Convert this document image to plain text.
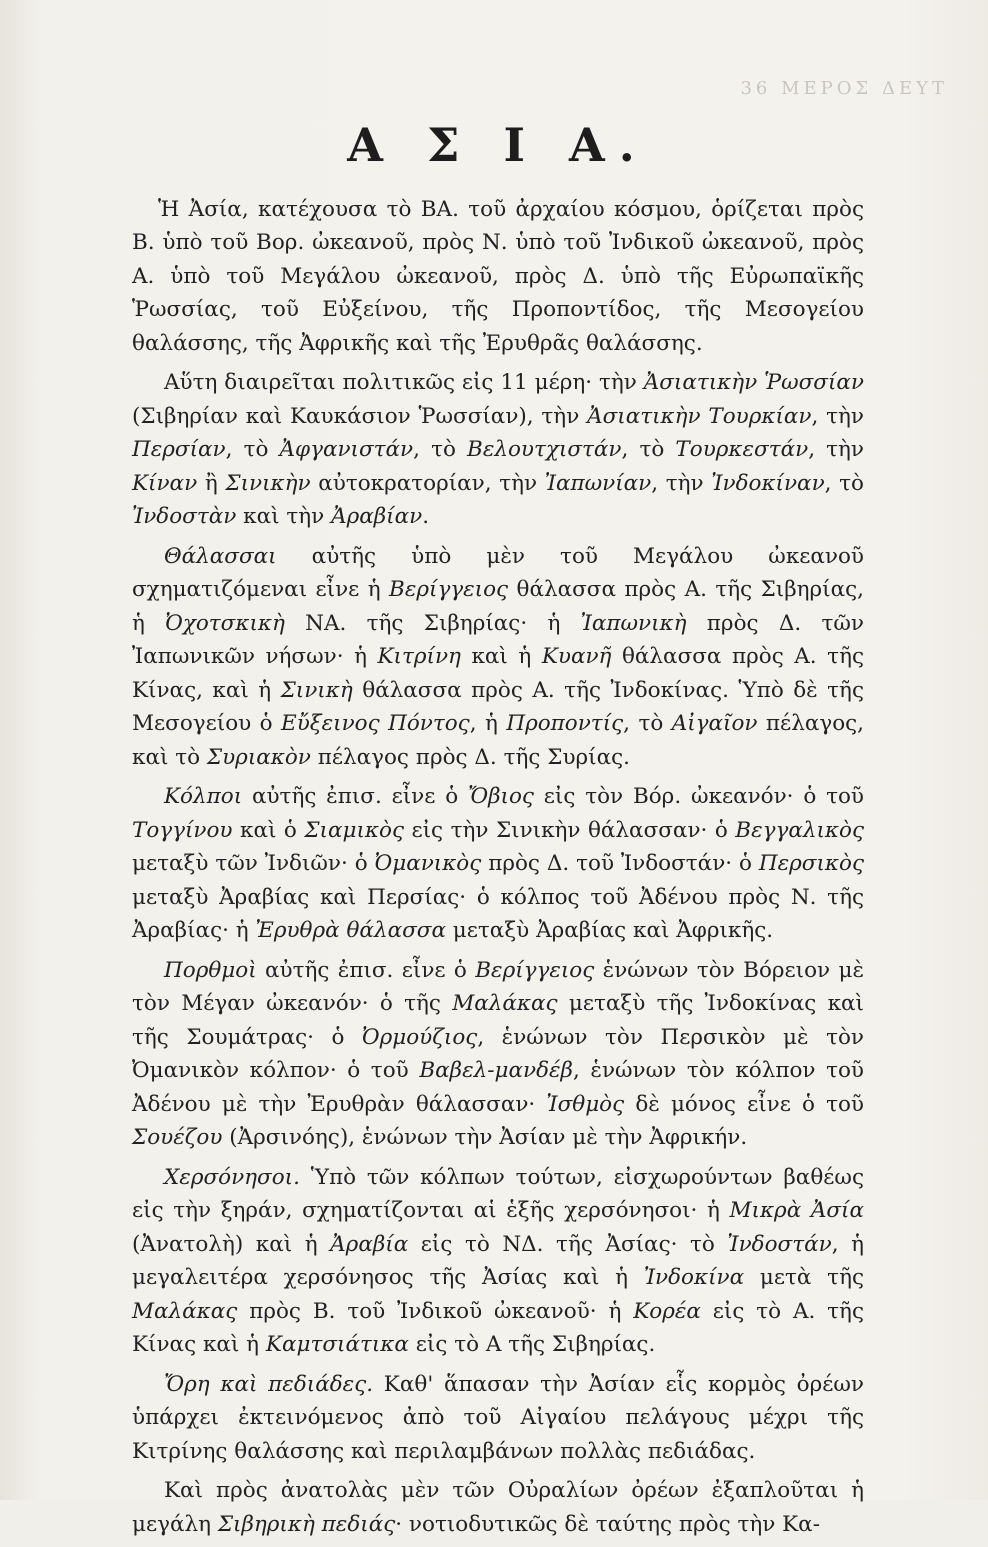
36 ΜΕΡΟΣ ΔΕΥΤ
Α Σ Ι Α.

Ἡ Ἀσία, κατέχουσα τὸ ΒΑ. τοῦ ἀρχαίου κόσμου, ὁρίζεται πρὸς Β. ὑπὸ τοῦ Βορ. ὠκεανοῦ, πρὸς Ν. ὑπὸ τοῦ Ἰνδικοῦ ὠκεανοῦ, πρὸς Α. ὑπὸ τοῦ Μεγάλου ὠκεανοῦ, πρὸς Δ. ὑπὸ τῆς Εὐρωπαϊκῆς Ῥωσσίας, τοῦ Εὐξείνου, τῆς Προποντίδος, τῆς Μεσογείου θαλάσσης, τῆς Ἀφρικῆς καὶ τῆς Ἐρυθρᾶς θαλάσσης.

Αὕτη διαιρεῖται πολιτικῶς εἰς 11 μέρη· τὴν Ἀσιατικὴν Ῥωσσίαν (Σιβηρίαν καὶ Καυκάσιον Ῥωσσίαν), τὴν Ἀσιατικὴν Τουρκίαν, τὴν Περσίαν, τὸ Ἀφγανιστάν, τὸ Βελουτχιστάν, τὸ Τουρκεστάν, τὴν Κίναν ἢ Σινικὴν αὐτοκρατορίαν, τὴν Ἰαπωνίαν, τὴν Ἰνδοκίναν, τὸ Ἰνδοστὰν καὶ τὴν Ἀραβίαν.

Θάλασσαι αὐτῆς ὑπὸ μὲν τοῦ Μεγάλου ὠκεανοῦ σχηματιζόμεναι εἶνε ἡ Βερίγγειος θάλασσα πρὸς Α. τῆς Σιβηρίας, ἡ Ὀχοτσκικὴ ΝΑ. τῆς Σιβηρίας· ἡ Ἰαπωνικὴ πρὸς Δ. τῶν Ἰαπωνικῶν νήσων· ἡ Κιτρίνη καὶ ἡ Κυανῆ θάλασσα πρὸς Α. τῆς Κίνας, καὶ ἡ Σινικὴ θάλασσα πρὸς Α. τῆς Ἰνδοκίνας. Ὑπὸ δὲ τῆς Μεσογείου ὁ Εὔξεινος Πόντος, ἡ Προποντίς, τὸ Αἰγαῖον πέλαγος, καὶ τὸ Συριακὸν πέλαγος πρὸς Δ. τῆς Συρίας.

Κόλποι αὐτῆς ἐπισ. εἶνε ὁ Ὄβιος εἰς τὸν Βόρ. ὠκεανόν· ὁ τοῦ Τογγίνου καὶ ὁ Σιαμικὸς εἰς τὴν Σινικὴν θάλασσαν· ὁ Βεγγαλικὸς μεταξὺ τῶν Ἰνδιῶν· ὁ Ὀμανικὸς πρὸς Δ. τοῦ Ἰνδοστάν· ὁ Περσικὸς μεταξὺ Ἀραβίας καὶ Περσίας· ὁ κόλπος τοῦ Ἀδένου πρὸς Ν. τῆς Ἀραβίας· ἡ Ἐρυθρὰ θάλασσα μεταξὺ Ἀραβίας καὶ Ἀφρικῆς.

Πορθμοὶ αὐτῆς ἐπισ. εἶνε ὁ Βερίγγειος ἑνώνων τὸν Βόρειον μὲ τὸν Μέγαν ὠκεανόν· ὁ τῆς Μαλάκας μεταξὺ τῆς Ἰνδοκίνας καὶ τῆς Σουμάτρας· ὁ Ὀρμούζιος, ἑνώνων τὸν Περσικὸν μὲ τὸν Ὀμανικὸν κόλπον· ὁ τοῦ Βαβελ-μανδέβ, ἑνώνων τὸν κόλπον τοῦ Ἀδένου μὲ τὴν Ἐρυθρὰν θάλασσαν· Ἰσθμὸς δὲ μόνος εἶνε ὁ τοῦ Σουέζου (Ἀρσινόης), ἑνώνων τὴν Ἀσίαν μὲ τὴν Ἀφρικήν.

Χερσόνησοι. Ὑπὸ τῶν κόλπων τούτων, εἰσχωρούντων βαθέως εἰς τὴν ξηράν, σχηματίζονται αἱ ἑξῆς χερσόνησοι· ἡ Μικρὰ Ἀσία (Ἀνατολὴ) καὶ ἡ Ἀραβία εἰς τὸ ΝΔ. τῆς Ἀσίας· τὸ Ἰνδοστάν, ἡ μεγαλειτέρα χερσόνησος τῆς Ἀσίας καὶ ἡ Ἰνδοκίνα μετὰ τῆς Μαλάκας πρὸς Β. τοῦ Ἰνδικοῦ ὠκεανοῦ· ἡ Κορέα εἰς τὸ Α. τῆς Κίνας καὶ ἡ Καμτσιάτικα εἰς τὸ Α τῆς Σιβηρίας.

Ὄρη καὶ πεδιάδες. Καθ' ἅπασαν τὴν Ἀσίαν εἷς κορμὸς ὀρέων ὑπάρχει ἐκτεινόμενος ἀπὸ τοῦ Αἰγαίου πελάγους μέχρι τῆς Κιτρίνης θαλάσσης καὶ περιλαμβάνων πολλὰς πεδιάδας.

Καὶ πρὸς ἀνατολὰς μὲν τῶν Οὐραλίων ὀρέων ἐξαπλοῦται ἡ μεγάλη Σιβηρικὴ πεδιάς· νοτιοδυτικῶς δὲ ταύτης πρὸς τὴν Κα-
